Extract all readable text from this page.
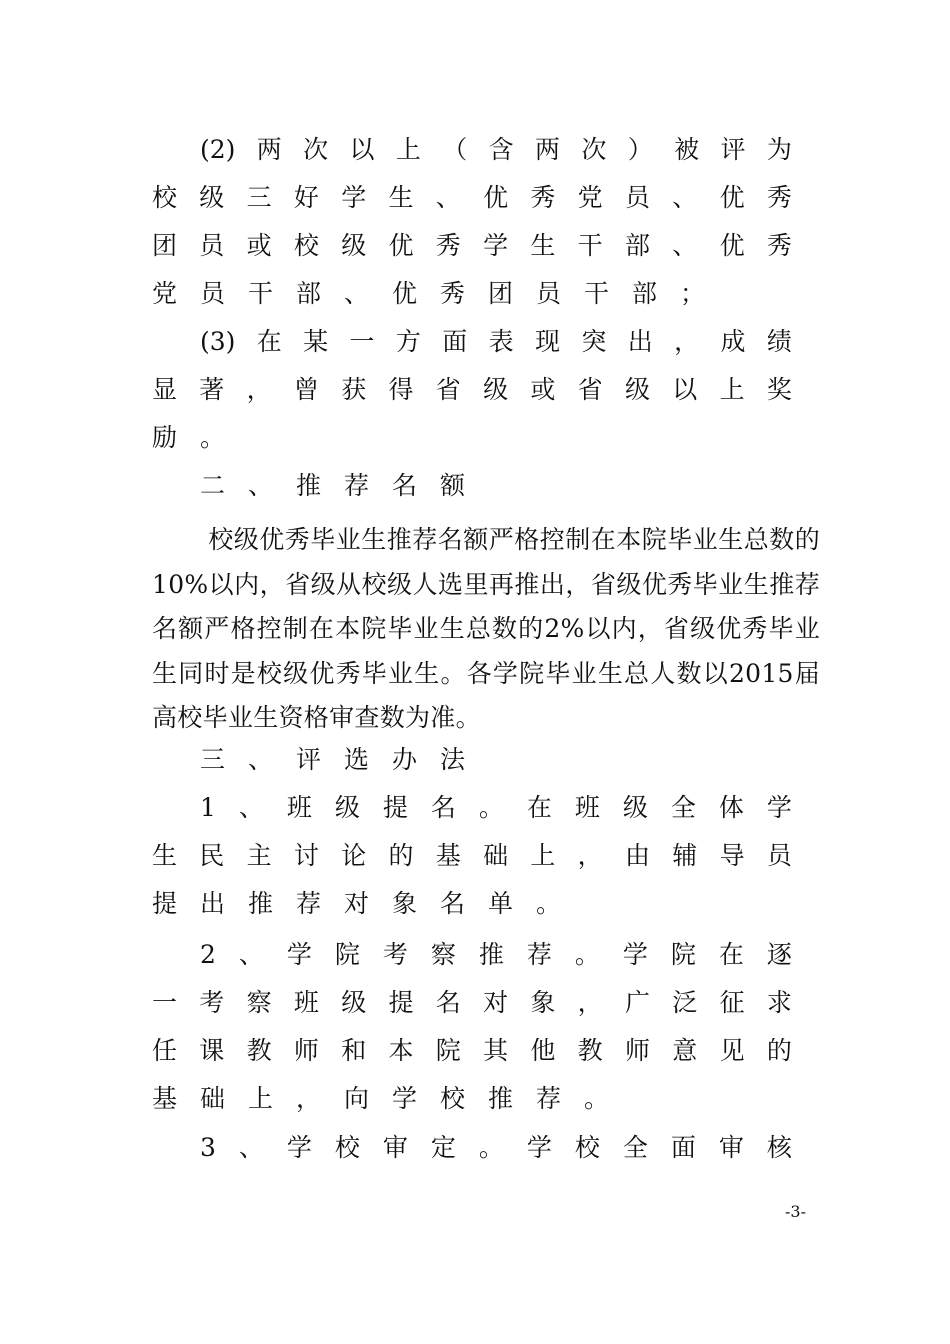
(2) 两 次 以 上 （ 含 两 次 ） 被 评 为
校 级 三 好 学 生 、 优 秀 党 员 、 优 秀
团 员 或 校 级 优 秀 学 生 干 部 、 优 秀
党 员 干 部 、 优 秀 团 员 干 部 ；
(3) 在 某 一 方 面 表 现 突 出 ， 成 绩
显 著 ， 曾 获 得 省 级 或 省 级 以 上 奖
励 。
二 、 推 荐 名 额
校级优秀毕业生推荐名额严格控制在本院毕业生总数的10%以内，省级从校级人选里再推出，省级优秀毕业生推荐名额严格控制在本院毕业生总数的2%以内，省级优秀毕业生同时是校级优秀毕业生。各学院毕业生总人数以2015届高校毕业生资格审查数为准。
三 、 评 选 办 法
1 、 班 级 提 名 。 在 班 级 全 体 学
生 民 主 讨 论 的 基 础 上 ， 由 辅 导 员
提 出 推 荐 对 象 名 单 。
2 、 学 院 考 察 推 荐 。 学 院 在 逐
一 考 察 班 级 提 名 对 象 ， 广 泛 征 求
任 课 教 师 和 本 院 其 他 教 师 意 见 的
基 础 上 ， 向 学 校 推 荐 。
3 、 学 校 审 定 。 学 校 全 面 审 核
-3-
